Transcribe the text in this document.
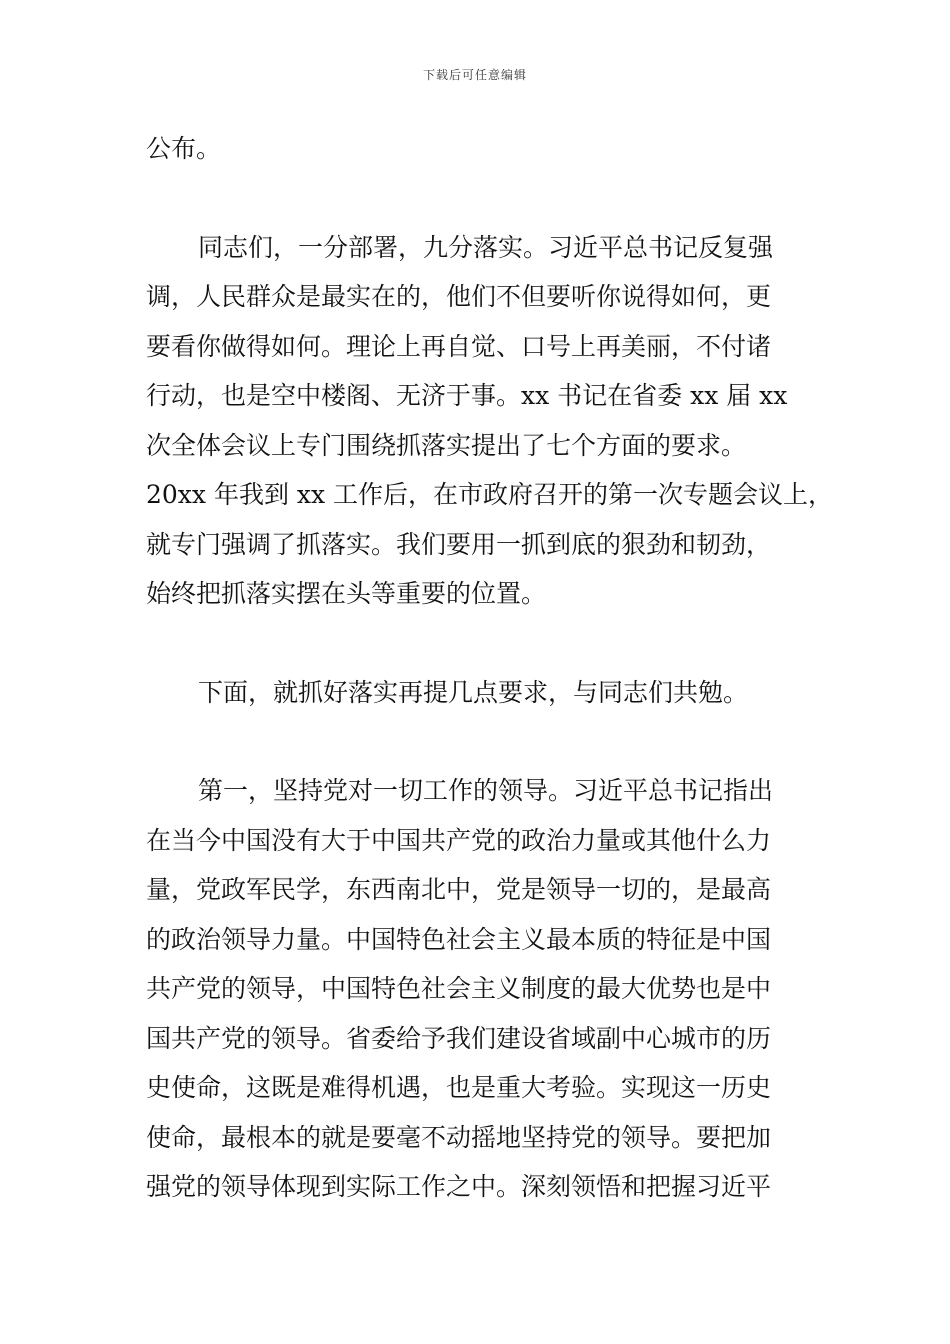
下载后可任意编辑

公布。

同志们，一分部署，九分落实。习近平总书记反复强
调，人民群众是最实在的，他们不但要听你说得如何，更
要看你做得如何。理论上再自觉、口号上再美丽，不付诸
行动，也是空中楼阁、无济于事。xx 书记在省委 xx 届 xx
次全体会议上专门围绕抓落实提出了七个方面的要求。
20xx 年我到 xx 工作后，在市政府召开的第一次专题会议上，
就专门强调了抓落实。我们要用一抓到底的狠劲和韧劲，
始终把抓落实摆在头等重要的位置。

下面，就抓好落实再提几点要求，与同志们共勉。

第一，坚持党对一切工作的领导。习近平总书记指出
在当今中国没有大于中国共产党的政治力量或其他什么力
量，党政军民学，东西南北中，党是领导一切的，是最高
的政治领导力量。中国特色社会主义最本质的特征是中国
共产党的领导，中国特色社会主义制度的最大优势也是中
国共产党的领导。省委给予我们建设省域副中心城市的历
史使命，这既是难得机遇，也是重大考验。实现这一历史
使命，最根本的就是要毫不动摇地坚持党的领导。要把加
强党的领导体现到实际工作之中。深刻领悟和把握习近平
